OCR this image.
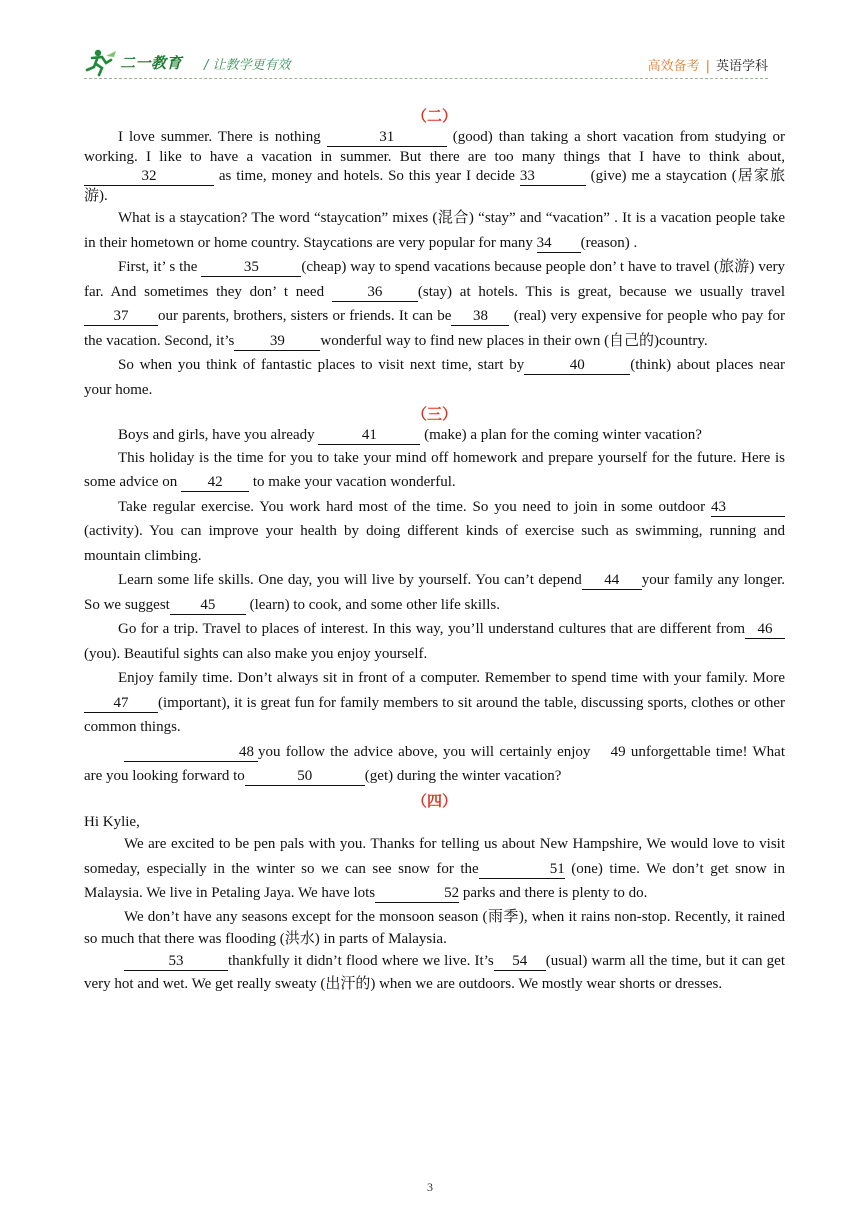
二一教育 / 让教学更有效	高效备考 | 英语学科
（二）

I love summer. There is nothing	31	(good) than taking a short vacation from studying or working. I like to have a vacation in summer. But there are too many things that I have to think about, 32	as time, money and hotels. So this year I decide 33	(give) me a staycation (居家旅游).

What is a staycation? The word “staycation” mixes (混合) “stay” and “vacation” . It is a vacation people take in their hometown or home country. Staycations are very popular for many 34 (reason) .

First, it’ s the	35	(cheap) way to spend vacations because people don’ t have to travel (旅游) very far. And sometimes they don’ t need 36 (stay) at hotels. This is great, because we usually travel 37 our parents, brothers, sisters or friends. It can be 38 (real) very expensive for people who pay for the vacation. Second, it’s 39 wonderful way to find new places in their own (自己的)country.

So when you think of fantastic places to visit next time, start by	40	(think) about places near your home.

（三）

Boys and girls, have you already	41	(make) a plan for the coming winter vacation?

This holiday is the time for you to take your mind off homework and prepare yourself for the future. Here is some advice on 42 to make your vacation wonderful.

Take regular exercise. You work hard most of the time. So you need to join in some outdoor 43 (activity). You can improve your health by doing different kinds of exercise such as swimming, running and mountain climbing.

Learn some life skills. One day, you will live by yourself. You can’t depend 44 your family any longer. So we suggest 45 (learn) to cook, and some other life skills.

Go for a trip. Travel to places of interest. In this way, you’ll understand cultures that are different from 46(you). Beautiful sights can also make you enjoy yourself.

Enjoy family time. Don’t always sit in front of a computer. Remember to spend time with your family. More47 (important), it is great fun for family members to sit around the table, discussing sports, clothes or other common things.

48 you follow the advice above, you will certainly enjoy 49 unforgettable time! What are you looking forward to	50	(get) during the winter vacation?

（四）

Hi Kylie,

We are excited to be pen pals with you. Thanks for telling us about New Hampshire, We would love to visit someday, especially in the winter so we can see snow for the	51 (one) time. We don’t get snow in Malaysia. We live in Petaling Jaya. We have lots	52 parks and there is plenty to do.

We don’t have any seasons except for the monsoon season (雨季), when it rains non-stop. Recently, it rained so much that there was flooding (洪水) in parts of Malaysia.

53	thankfully it didn’t flood where we live. It’s 54 (usual) warm all the time, but it can get very hot and wet. We get really sweaty (出汗的) when we are outdoors. We mostly wear shorts or dresses.

3
